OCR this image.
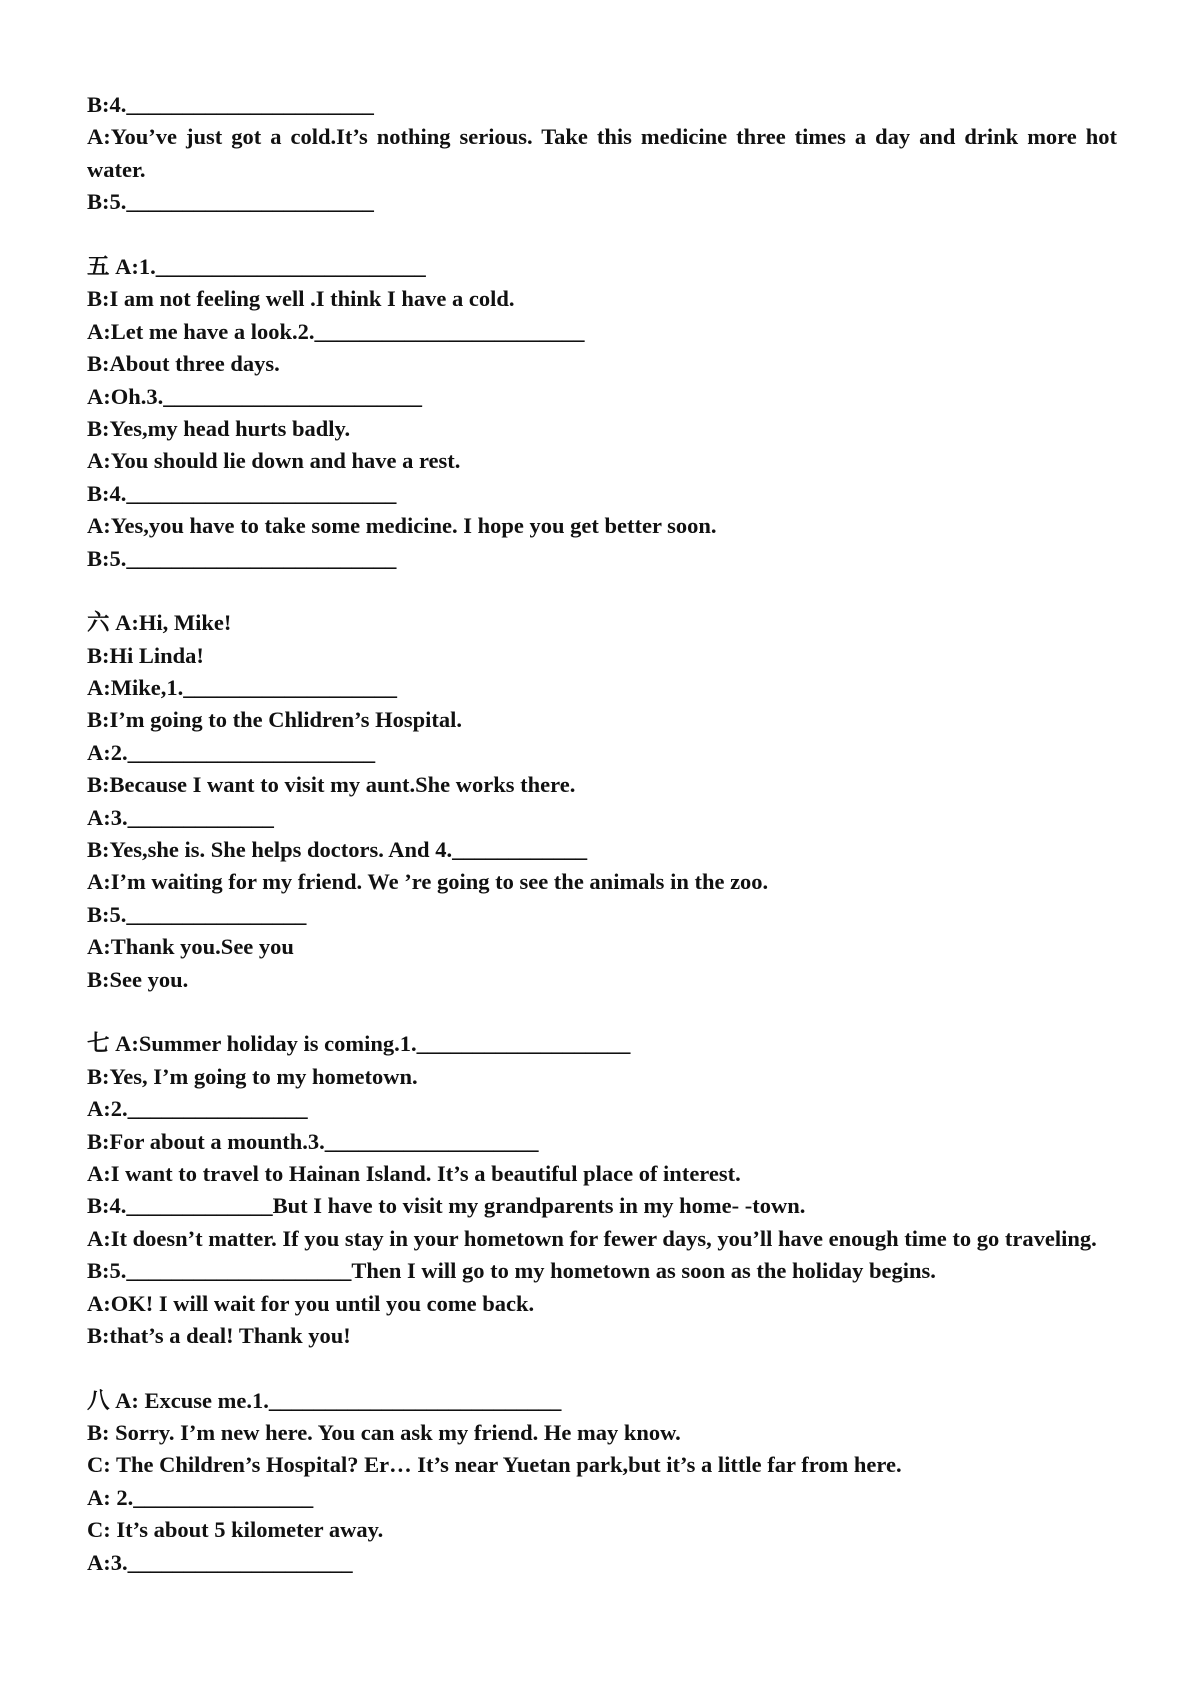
B:4.______________________
A:You’ve just got a cold.It’s nothing serious. Take this medicine three times a day and drink more hot water.
B:5.______________________
五 A:1.________________________
B:I am not feeling well .I think I have a cold.
A:Let me have a look.2.________________________
B:About three days.
A:Oh.3._______________________
B:Yes,my head hurts badly.
A:You should lie down and have a rest.
B:4.________________________
A:Yes,you have to take some medicine. I hope you get better soon.
B:5.________________________
六 A:Hi, Mike!
B:Hi Linda!
A:Mike,1.___________________
B:I’m going to the Chlidren’s Hospital.
A:2.______________________
B:Because I want to visit my aunt.She works there.
A:3._____________
B:Yes,she is. She helps doctors. And 4.____________
A:I’m waiting for my friend. We ’re going to see the animals in the zoo.
B:5.________________
A:Thank you.See you
B:See you.
七 A:Summer holiday is coming.1.___________________
B:Yes, I’m going to my hometown.
A:2.________________
B:For about a mounth.3.___________________
A:I want to travel to Hainan Island. It’s a beautiful place of interest.
B:4._____________But I have to visit my grandparents in my home- -town.
A:It doesn’t matter. If you stay in your hometown for fewer days, you’ll have enough time to go traveling.
B:5.____________________Then I will go to my hometown as soon as the holiday begins.
A:OK! I will wait for you until you come back.
B:that’s a deal! Thank you!
八 A: Excuse me.1.__________________________
B: Sorry. I’m new here. You can ask my friend. He may know.
C: The Children’s Hospital? Er… It’s near Yuetan park,but it’s a little far from here.
A: 2.________________
C: It’s about 5 kilometer away.
A:3.____________________
